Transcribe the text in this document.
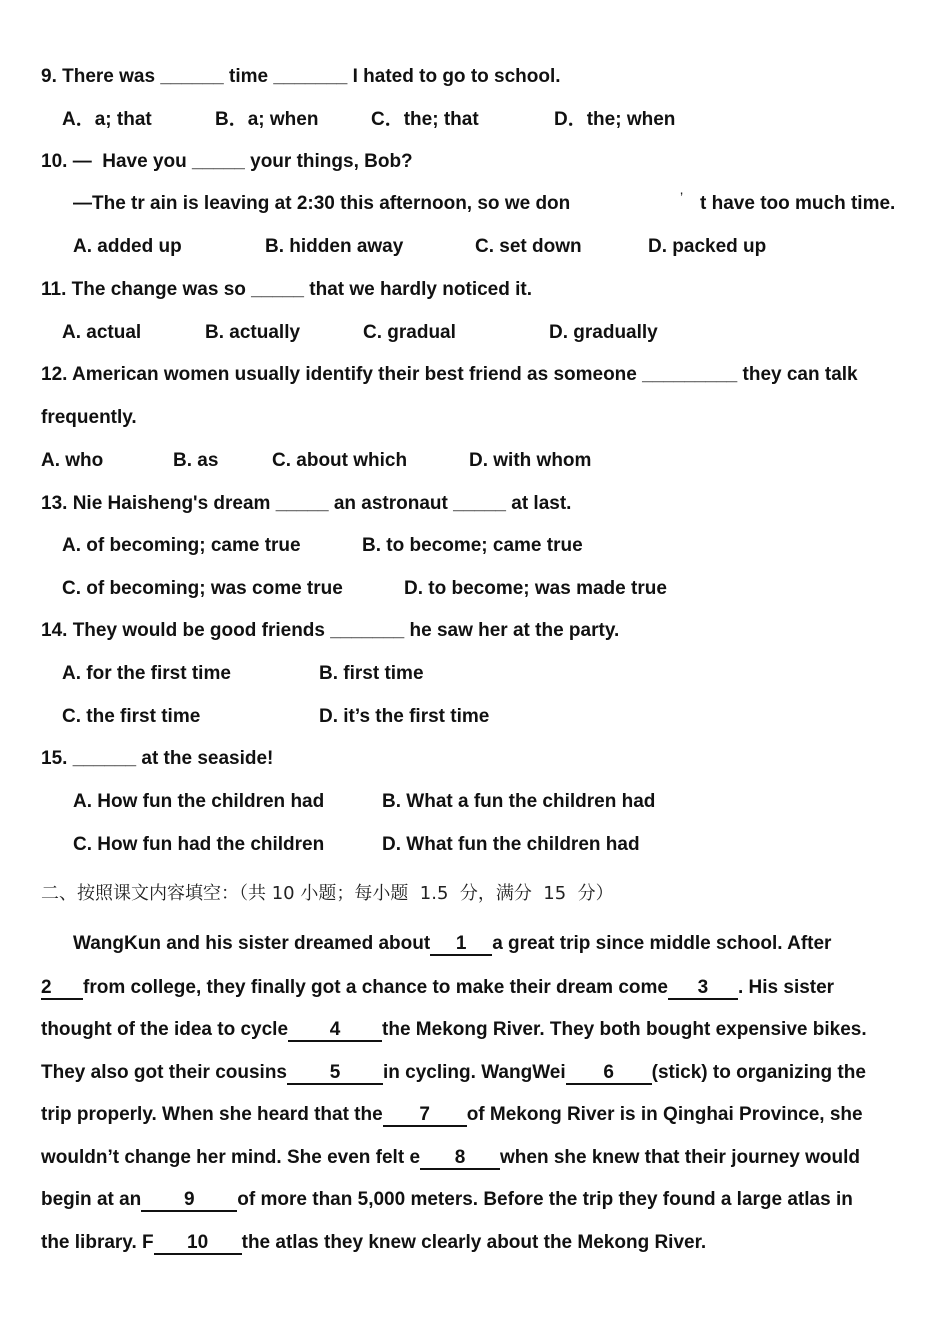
9. There was ______ time _______ I hated to go to school.
A．a; that	B．a; when	C．the; that	D．the; when
10. —  Have you _____ your things, Bob?
—The tr ain is leaving at 2:30 this afternoon, so we don	’ t have too much time.
A. added up	B. hidden away	C. set down	D. packed up
11. The change was so _____ that we hardly noticed it.
A. actual	B. actually	C. gradual	D. gradually
12. American women usually identify their best friend as someone _________ they can talk
frequently.
A. who	B. as	C. about which	D. with whom
13. Nie Haisheng's dream _____ an astronaut _____ at last.
A. of becoming; came true	B. to become; came true
C. of becoming; was come true	D. to become; was made true
14. They would be good friends _______ he saw her at the party.
A. for the first time	B. first time
C. the first time	D. it’s the first time
15. ______ at the seaside!
A. How fun the children had	B. What a fun the children had
C. How fun had the children	D. What fun the children had
二、按照课文内容填空：（共 10 小题；每小题  1.5  分，满分  15  分）
WangKun and his sister dreamed about 1 a great trip since middle school. After
2 from college, they finally got a chance to make their dream come 3 . His sister
thought of the idea to cycle 4 the Mekong River. They both bought expensive bikes.
They also got their cousins 5 in cycling. WangWei 6 (stick) to organizing the
trip properly. When she heard that the 7 of Mekong River is in Qinghai Province, she
wouldn’t change her mind. She even felt e 8 when she knew that their journey would
begin at an 9 of more than 5,000 meters. Before the trip they found a large atlas in
the library. F 10 the atlas they knew clearly about the Mekong River.
